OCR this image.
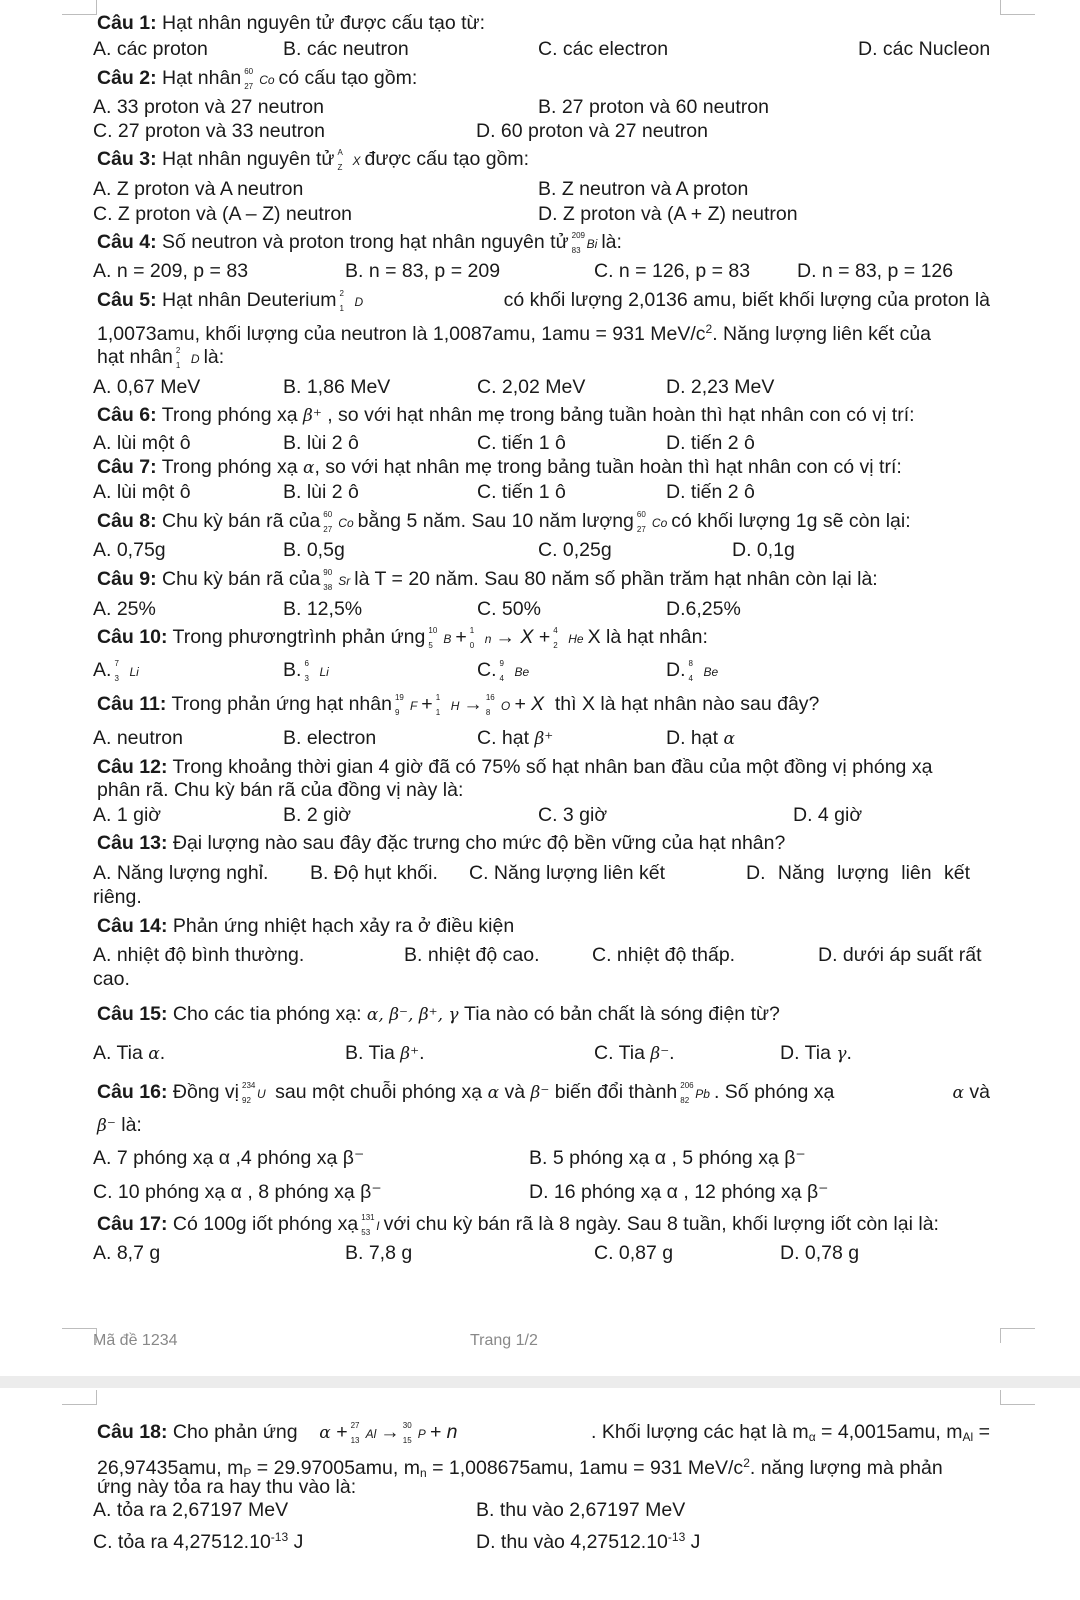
Câu 1: Hạt nhân nguyên tử được cấu tạo từ:
A. các proton	B. các neutron	C. các electron	D. các Nucleon
Câu 2: Hạt nhân 60
27 Co có cấu tạo gồm:
A. 33 proton và 27 neutron	B. 27 proton và 60 neutron
C. 27 proton và 33 neutron	D. 60 proton và 27 neutron
Câu 3: Hạt nhân nguyên tử A
Z X được cấu tạo gồm:
A. Z proton và A neutron	B. Z neutron và A proton
C. Z proton và (A – Z) neutron	D. Z proton và (A + Z) neutron
Câu 4: Số neutron và proton trong hạt nhân nguyên tử 209
83 Bi là:
A. n = 209, p = 83	B. n = 83, p = 209	C. n = 126, p = 83 D. n = 83, p = 126
Câu 5: Hạt nhân Deuterium 2
1 D	có khối lượng 2,0136 amu, biết khối lượng của proton là
1,0073amu, khối lượng của neutron là 1,0087amu, 1amu = 931 MeV/$c^2$. Năng lượng liên kết của
hạt nhân 2
1 D là:
A. 0,67 MeV	B. 1,86 MeV	C. 2,02 MeV	D. 2,23 MeV
Câu 6: Trong phóng xạ β⁺ , so với hạt nhân mẹ trong bảng tuần hoàn thì hạt nhân con có vị trí:
A. lùi một ô	B. lùi 2 ô	C. tiến 1 ô	D. tiến 2 ô
Câu 7: Trong phóng xạ α, so với hạt nhân mẹ trong bảng tuần hoàn thì hạt nhân con có vị trí:
A. lùi một ô	B. lùi 2 ô	C. tiến 1 ô	D. tiến 2 ô
Câu 8: Chu kỳ bán rã của 60
27 Co bằng 5 năm. Sau 10 năm lượng 60
27 Co có khối lượng 1g sẽ còn lại:
A. 0,75g	B. 0,5g	C. 0,25g	D. 0,1g
Câu 9: Chu kỳ bán rã của 90
38 Sr là T = 20 năm. Sau 80 năm số phần trăm hạt nhân còn lại là:
A. 25%	B. 12,5%	C. 50%	D.6,25%
Câu 10: Trong phươngtrình phản ứng 10
5 B + 1
0 n → X + 4
2 He X là hạt nhân:
A. 7
3 Li	B. 6
3 Li	C. 9
4 Be	D. 8
4 Be
Câu 11: Trong phản ứng hạt nhân 19
9 F + 1
1 H → 16
8 O + X thì X là hạt nhân nào sau đây?
A. neutron	B. electron	C. hạt β⁺	D. hạt α
Câu 12: Trong khoảng thời gian 4 giờ đã có 75% số hạt nhân ban đầu của một đồng vị phóng xạ
phân rã. Chu kỳ bán rã của đồng vị này là:
A. 1 giờ	B. 2 giờ	C. 3 giờ	D. 4 giờ
Câu 13: Đại lượng nào sau đây đặc trưng cho mức độ bền vững của hạt nhân?
A. Năng lượng nghỉ. B. Độ hụt khối. C. Năng lượng liên kết	D. Năng lượng liên kết
riêng.
Câu 14: Phản ứng nhiệt hạch xảy ra ở điều kiện
A. nhiệt độ bình thường.	B. nhiệt độ cao.	C. nhiệt độ thấp.	D. dưới áp suất rất
cao.
Câu 15: Cho các tia phóng xạ: α, β⁻, β⁺, γ Tia nào có bản chất là sóng điện từ?
A. Tia α.	B. Tia β⁺.	C. Tia β⁻.	D. Tia γ.
Câu 16: Đồng vị 234
92 U sau một chuỗi phóng xạ α và β⁻ biến đổi thành 206
82 Pb . Số phóng xạ	α và
β⁻ là:
A. 7 phóng xạ α ,4 phóng xạ β⁻	B. 5 phóng xạ α , 5 phóng xạ β⁻
C. 10 phóng xạ α , 8 phóng xạ β⁻	D. 16 phóng xạ α , 12 phóng xạ β⁻
Câu 17: Có 100g iốt phóng xạ 131
53 I với chu kỳ bán rã là 8 ngày. Sau 8 tuần, khối lượng iốt còn lại là:
A. 8,7 g	B. 7,8 g	C. 0,87 g	D. 0,78 g
Mã đề 1234	Trang 1/2
Câu 18: Cho phản ứng α + 27
13 Al → 30
15 P + n	. Khối lượng các hạt là $m_\alpha = 4,0015amu$, $m_{Al}$ =
26,97435amu, $m_P = 29.97005amu$, $m_n = 1,008675amu$, 1amu = 931 MeV/$c^2$. năng lượng mà phản
ứng này tỏa ra hay thu vào là:
A. tỏa ra 2,67197 MeV	B. thu vào 2,67197 MeV
C. tỏa ra $4,27512.10^{-13}$ J	D. thu vào $4,27512.10^{-13}$ J
